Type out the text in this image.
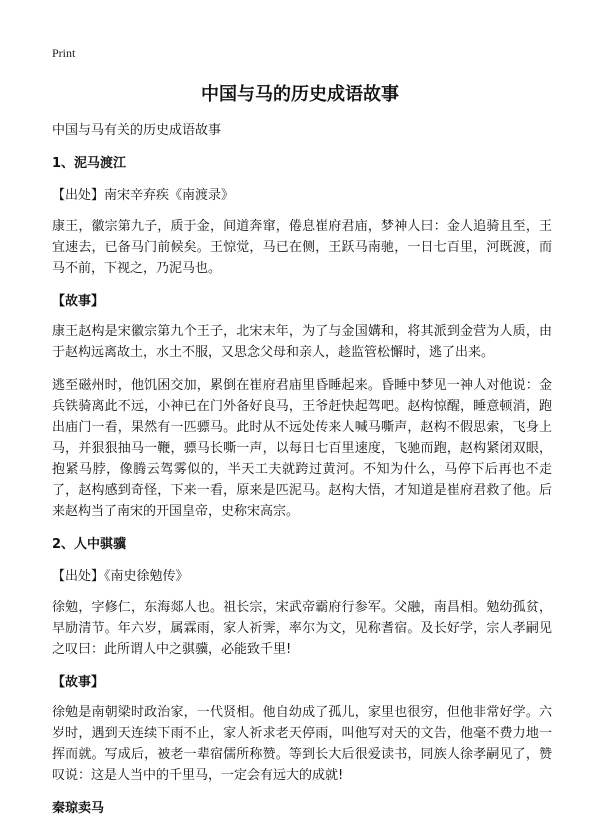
Print
中国与马的历史成语故事

中国与马有关的历史成语故事

1、泥马渡江

【出处】南宋辛弃疾《南渡录》

康王，徽宗第九子，质于金，间道奔窜，倦息崔府君庙，梦神人曰：金人追骑且至，王宜速去，已备马门前候矣。王惊觉，马已在侧，王跃马南驰，一日七百里，河既渡，而马不前，下视之，乃泥马也。

【故事】

康王赵构是宋徽宗第九个王子，北宋末年，为了与金国媾和，将其派到金营为人质，由于赵构远离故土，水土不服，又思念父母和亲人，趁监管松懈时，逃了出来。

逃至磁州时，他饥困交加，累倒在崔府君庙里昏睡起来。昏睡中梦见一神人对他说：金兵铁骑离此不远，小神已在门外备好良马，王爷赶快起驾吧。赵构惊醒，睡意顿消，跑出庙门一看，果然有一匹骠马。此时从不远处传来人喊马嘶声，赵构不假思索，飞身上马，并狠狠抽马一鞭，骠马长嘶一声，以每日七百里速度，飞驰而跑，赵构紧闭双眼，抱紧马脖，像腾云驾雾似的，半天工夫就跨过黄河。不知为什么，马停下后再也不走了，赵构感到奇怪，下来一看，原来是匹泥马。赵构大悟，才知道是崔府君救了他。后来赵构当了南宋的开国皇帝，史称宋高宗。

2、人中骐骥

【出处】《南史徐勉传》

徐勉，字修仁，东海郯人也。祖长宗，宋武帝霸府行参军。父融，南昌相。勉幼孤贫，早励清节。年六岁，属霖雨，家人祈霁，率尔为文，见称耆宿。及长好学，宗人孝嗣见之叹曰：此所谓人中之骐骥，必能致千里!

【故事】

徐勉是南朝梁时政治家，一代贤相。他自幼成了孤儿，家里也很穷，但他非常好学。六岁时，遇到天连续下雨不止，家人祈求老天停雨，叫他写对天的文告，他毫不费力地一挥而就。写成后，被老一辈宿儒所称赞。等到长大后很爱读书，同族人徐孝嗣见了，赞叹说：这是人当中的千里马，一定会有远大的成就!

秦琼卖马
